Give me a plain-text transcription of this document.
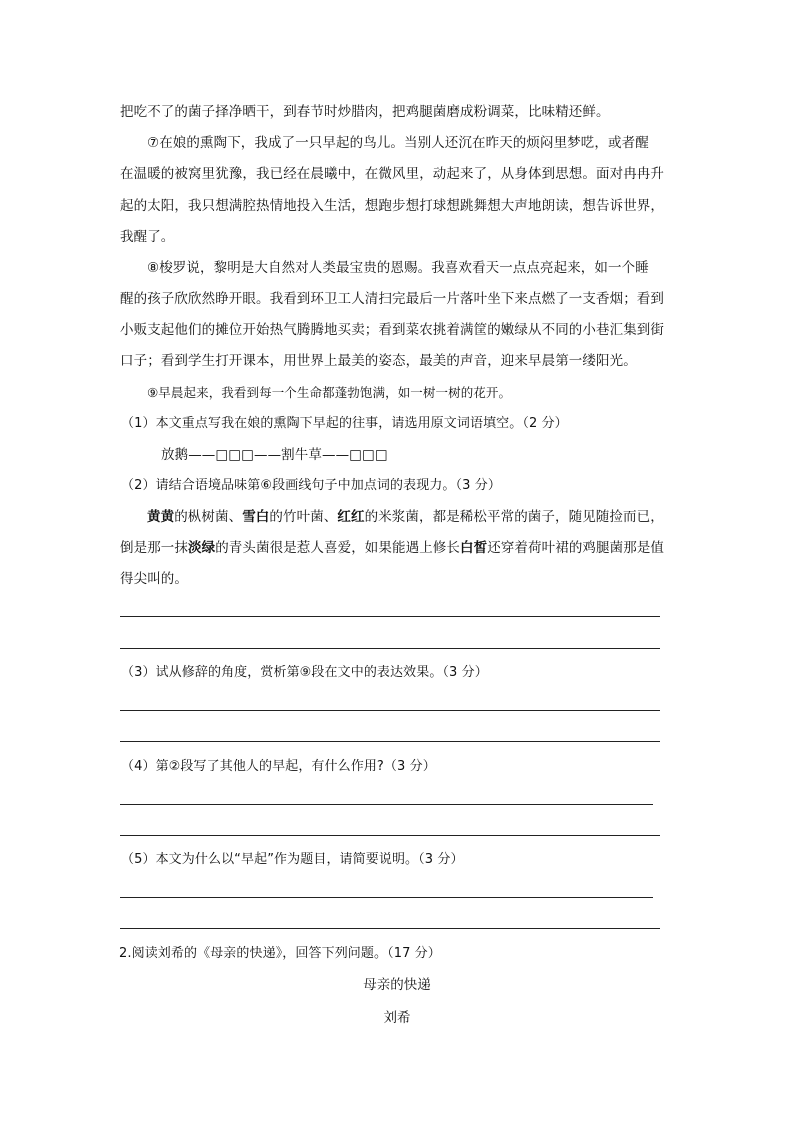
把吃不了的菌子择净晒干，到春节时炒腊肉，把鸡腿菌磨成粉调菜，比味精还鲜。
⑦在娘的熏陶下，我成了一只早起的鸟儿。当别人还沉在昨天的烦闷里梦呓，或者醒
在温暖的被窝里犹豫，我已经在晨曦中，在微风里，动起来了，从身体到思想。面对冉冉升
起的太阳，我只想满腔热情地投入生活，想跑步想打球想跳舞想大声地朗读，想告诉世界，
我醒了。
⑧梭罗说，黎明是大自然对人类最宝贵的恩赐。我喜欢看天一点点亮起来，如一个睡
醒的孩子欣欣然睁开眼。我看到环卫工人清扫完最后一片落叶坐下来点燃了一支香烟；看到
小贩支起他们的摊位开始热气腾腾地买卖；看到菜农挑着满筐的嫩绿从不同的小巷汇集到街
口子；看到学生打开课本，用世界上最美的姿态，最美的声音，迎来早晨第一缕阳光。
⑨早晨起来，我看到每一个生命都蓬勃饱满，如一树一树的花开。
（1）本文重点写我在娘的熏陶下早起的往事，请选用原文词语填空。（2 分）
放鹅——□□□——割牛草——□□□
（2）请结合语境品味第⑥段画线句子中加点词的表现力。（3 分）
黄黄的枞树菌、雪白的竹叶菌、红红的米浆菌，都是稀松平常的菌子，随见随捡而已，
倒是那一抹淡绿的青头菌很是惹人喜爱，如果能遇上修长白皙还穿着荷叶裙的鸡腿菌那是值
得尖叫的。
（3）试从修辞的角度，赏析第⑨段在文中的表达效果。（3 分）
（4）第②段写了其他人的早起，有什么作用?（3 分）
（5）本文为什么以“早起”作为题目，请简要说明。（3 分）
2.阅读刘希的《母亲的快递》，回答下列问题。（17 分）
母亲的快递
刘希
